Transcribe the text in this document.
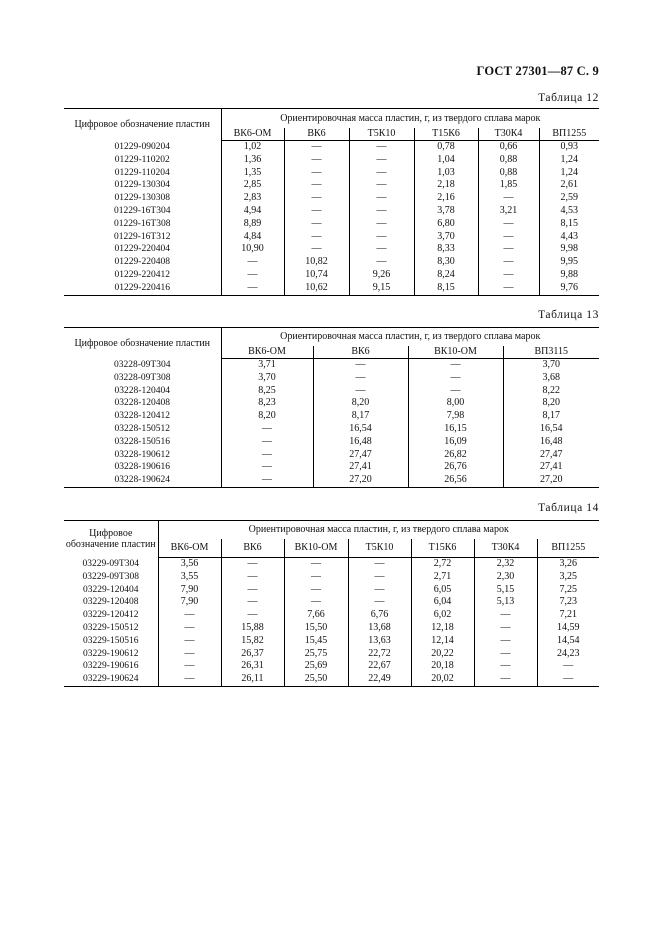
ГОСТ 27301—87 С. 9
Таблица 12
Цифровое обозначение пластин	Ориентировочная масса пластин, г, из твердого сплава марок					
	ВК6-ОМ	ВК6	Т5К10	Т15К6	Т30К4	ВП1255
01229-090204	1,02	—	—	0,78	0,66	0,93
01229-110202	1,36	—	—	1,04	0,88	1,24
01229-110204	1,35	—	—	1,03	0,88	1,24
01229-130304	2,85	—	—	2,18	1,85	2,61
01229-130308	2,83	—	—	2,16	—	2,59
01229-16T304	4,94	—	—	3,78	3,21	4,53
01229-16T308	8,89	—	—	6,80	—	8,15
01229-16T312	4,84	—	—	3,70	—	4,43
01229-220404	10,90	—	—	8,33	—	9,98
01229-220408	—	10,82	—	8,30	—	9,95
01229-220412	—	10,74	9,26	8,24	—	9,88
01229-220416	—	10,62	9,15	8,15	—	9,76
Таблица 13
Цифровое обозначение пластин	Ориентировочная масса пластин, г, из твердого сплава марок			
	ВК6-ОМ	ВК6	ВК10-ОМ	ВП3115
03228-09T304	3,71	—	—	3,70
03228-09T308	3,70	—	—	3,68
03228-120404	8,25	—	—	8,22
03228-120408	8,23	8,20	8,00	8,20
03228-120412	8,20	8,17	7,98	8,17
03228-150512	—	16,54	16,15	16,54
03228-150516	—	16,48	16,09	16,48
03228-190612	—	27,47	26,82	27,47
03228-190616	—	27,41	26,76	27,41
03228-190624	—	27,20	26,56	27,20
Таблица 14
Цифровое обозначение пластин	Ориентировочная масса пластин, г, из твердого сплава марок						
	ВК6-ОМ	ВК6	ВК10-ОМ	Т5К10	Т15К6	Т30К4	ВП1255
03229-09T304	3,56	—	—	—	2,72	2,32	3,26
03229-09T308	3,55	—	—	—	2,71	2,30	3,25
03229-120404	7,90	—	—	—	6,05	5,15	7,25
03229-120408	7,90	—	—	—	6,04	5,13	7,23
03229-120412	—	—	7,66	6,76	6,02	—	7,21
03229-150512	—	15,88	15,50	13,68	12,18	—	14,59
03229-150516	—	15,82	15,45	13,63	12,14	—	14,54
03229-190612	—	26,37	25,75	22,72	20,22	—	24,23
03229-190616	—	26,31	25,69	22,67	20,18	—	—
03229-190624	—	26,11	25,50	22,49	20,02	—	—
